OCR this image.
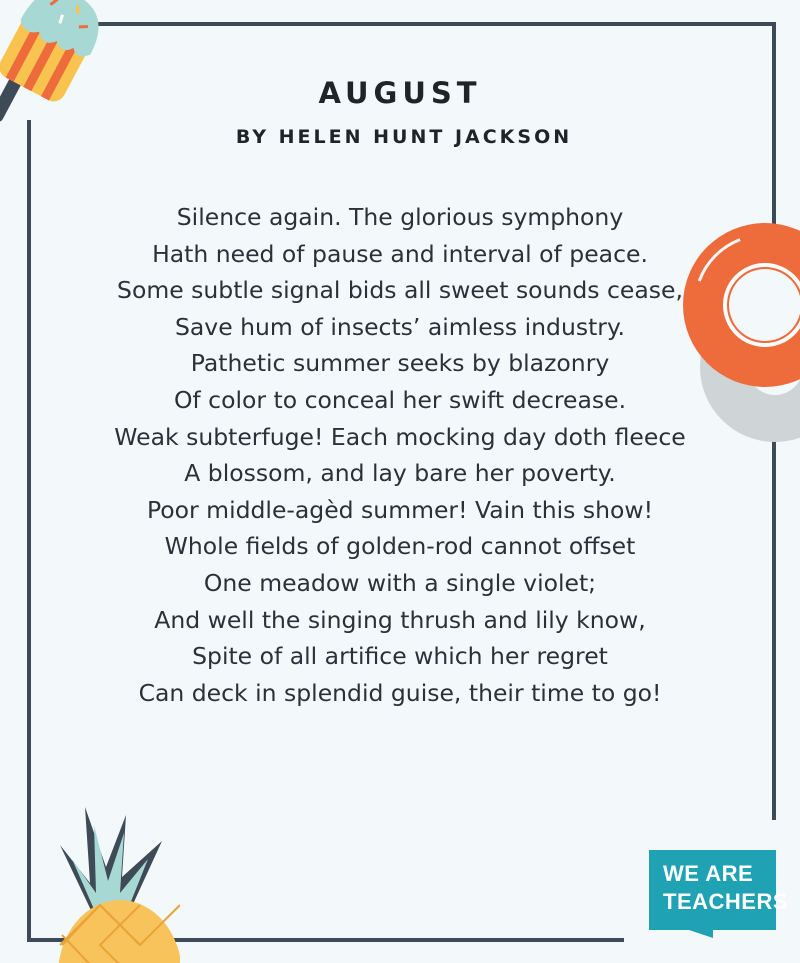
AUGUST
BY HELEN HUNT JACKSON
Silence again. The glorious symphony
Hath need of pause and interval of peace.
Some subtle signal bids all sweet sounds cease,
Save hum of insects’ aimless industry.
Pathetic summer seeks by blazonry
Of color to conceal her swift decrease.
Weak subterfuge! Each mocking day doth fleece
A blossom, and lay bare her poverty.
Poor middle-agèd summer! Vain this show!
Whole fields of golden-rod cannot offset
One meadow with a single violet;
And well the singing thrush and lily know,
Spite of all artifice which her regret
Can deck in splendid guise, their time to go!
WE ARE
TEACHERS
